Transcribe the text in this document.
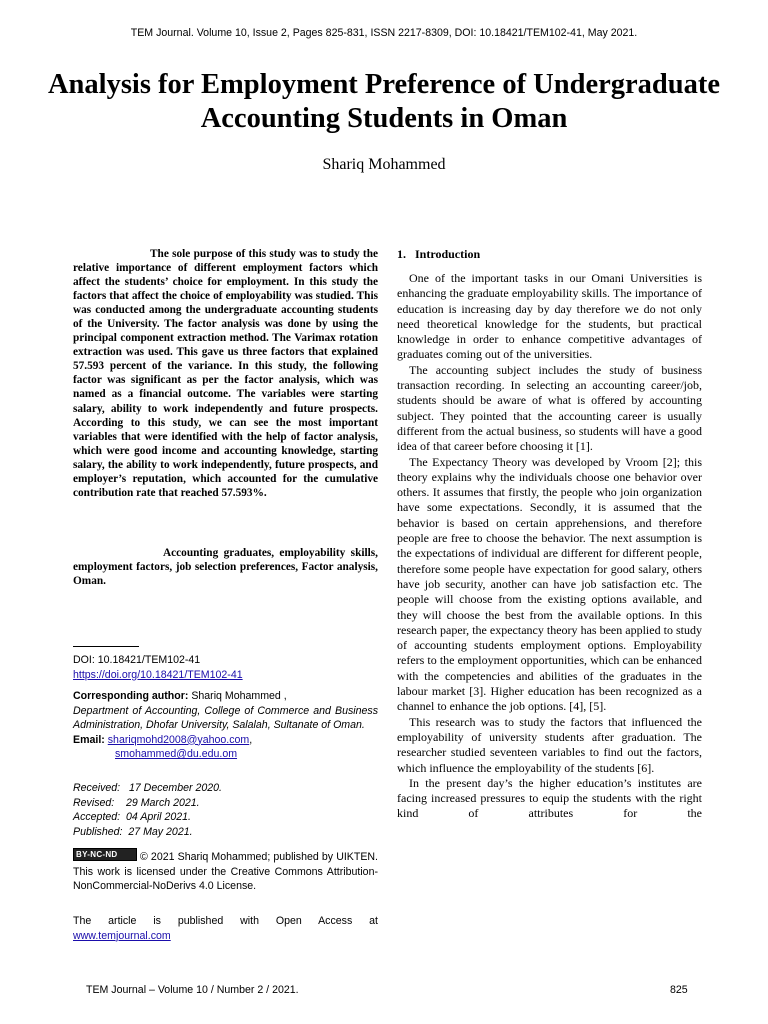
TEM Journal. Volume 10, Issue 2, Pages 825-831, ISSN 2217-8309, DOI: 10.18421/TEM102-41, May 2021.
Analysis for Employment Preference of Undergraduate Accounting Students in Oman
Shariq Mohammed

The sole purpose of this study was to study the relative importance of different employment factors which affect the students’ choice for employment. In this study the factors that affect the choice of employability was studied. This was conducted among the undergraduate accounting students of the University. The factor analysis was done by using the principal component extraction method. The Varimax rotation extraction was used. This gave us three factors that explained 57.593 percent of the variance. In this study, the following factor was significant as per the factor analysis, which was named as a financial outcome. The variables were starting salary, ability to work independently and future prospects. According to this study, we can see the most important variables that were identified with the help of factor analysis, which were good income and accounting knowledge, starting salary, the ability to work independently, future prospects, and employer’s reputation, which accounted for the cumulative contribution rate that reached 57.593%.

Accounting graduates, employability skills, employment factors, job selection preferences, Factor analysis, Oman.

DOI: 10.18421/TEM102-41

https://doi.org/10.18421/TEM102-41

Corresponding author: Shariq Mohammed ,

Department of Accounting, College of Commerce and Business Administration, Dhofar University, Salalah, Sultanate of Oman.

Email: shariqmohd2008@yahoo.com,

smohammed@du.edu.om

Received:   17 December 2020.

Revised:    29 March 2021.

Accepted:  04 April 2021.

Published:  27 May 2021.

BY-NC-ND © 2021 Shariq Mohammed; published by UIKTEN. This work is licensed under the Creative Commons Attribution-NonCommercial-NoDerivs 4.0 License.

The article is published with Open Access at

www.temjournal.com

1.   Introduction

One of the important tasks in our Omani Universities is enhancing the graduate employability skills. The importance of education is increasing day by day therefore we do not only need theoretical knowledge for the students, but practical knowledge in order to enhance competitive advantages of graduates coming out of the universities.

The accounting subject includes the study of business transaction recording. In selecting an accounting career/job, students should be aware of what is offered by accounting subject. They pointed that the accounting career is usually different from the actual business, so students will have a good idea of that career before choosing it [1].

The Expectancy Theory was developed by Vroom [2]; this theory explains why the individuals choose one behavior over others. It assumes that firstly, the people who join organization have some expectations. Secondly, it is assumed that the behavior is based on certain apprehensions, and therefore people are free to choose the behavior. The next assumption is the expectations of individual are different for different people, therefore some people have expectation for good salary, others have job security, another can have job satisfaction etc. The people will choose from the existing options available, and they will choose the best from the available options. In this research paper, the expectancy theory has been applied to study of accounting students employment options. Employability refers to the employment opportunities, which can be enhanced with the competencies and abilities of the graduates in the labour market [3]. Higher education has been recognized as a channel to enhance the job options. [4], [5].

This research was to study the factors that influenced the employability of university students after graduation. The researcher studied seventeen variables to find out the factors, which influence the employability of the students [6].

In the present day’s the higher education’s institutes are facing increased pressures to equip the students with the right kind of attributes for the

TEM Journal – Volume 10 / Number 2 / 2021.	825
